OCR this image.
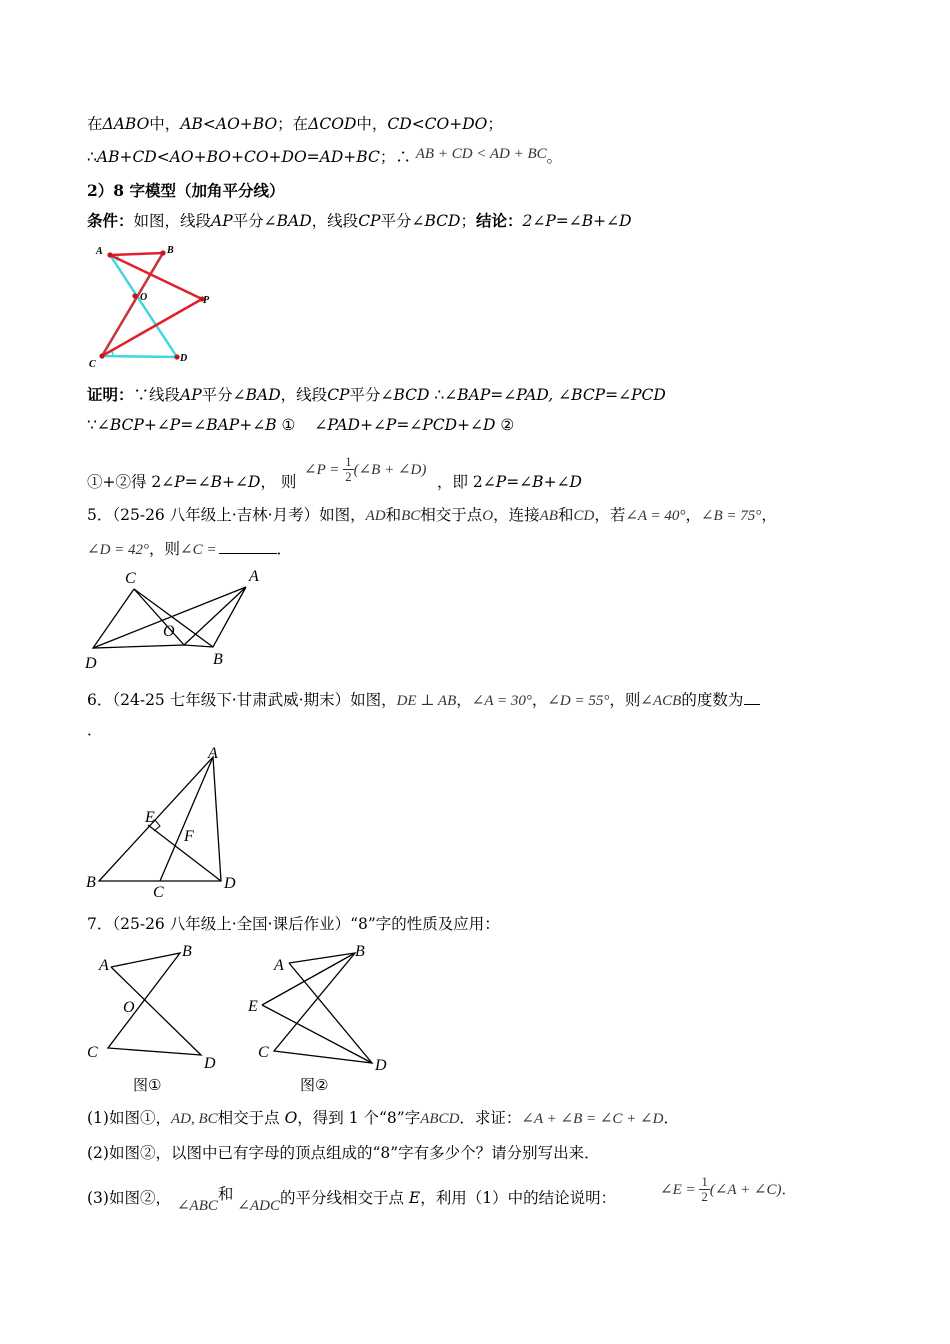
在ΔABO中，AB<AO+BO；在ΔCOD中，CD<CO+DO；
∴AB+CD<AO+BO+CO+DO=AD+BC；∴ AB + CD < AD + BC。
2）8 字模型（加角平分线）
条件：如图，线段AP平分∠BAD，线段CP平分∠BCD；结论：2∠P=∠B+∠D
A	B
O	P
C
D
证明：∵线段AP平分∠BAD，线段CP平分∠BCD ∴∠BAP=∠PAD, ∠BCP=∠PCD
∵∠BCP+∠P=∠BAP+∠B ① ∠PAD+∠P=∠PCD+∠D ②
①+②得 2∠P=∠B+∠D， 则
∠P = $\frac{1}{2}$ (∠B + ∠D)
，即 2∠P=∠B+∠D
5．（25-26 八年级上·吉林·月考）如图，AD和BC相交于点O，连接AB和CD，若∠A = 40°，∠B = 75°，
∠D = 42°，则∠C =	．
C	A
O
D	B
6．（24-25 七年级下·甘肃武威·期末）如图，DE ⊥ AB，∠A = 30°，∠D = 55°，则∠ACB的度数为
．
A
E
F
B
C
D
7．（25-26 八年级上·全国·课后作业）“8”字的性质及应用：
A
B
O
C
D
图①
A
B
E
C
D
图②
(1)如图①，AD, BC相交于点 O，得到 1 个“8”字ABCD．求证：∠A + ∠B = ∠C + ∠D．
(2)如图②，以图中已有字母的顶点组成的“8”字有多少个？请分别写出来．
(3)如图②， ∠ABC和∠ADC的平分线相交于点 E，利用（1）中的结论说明：	∠E = $\frac{1}{2}$ (∠A + ∠C)．
